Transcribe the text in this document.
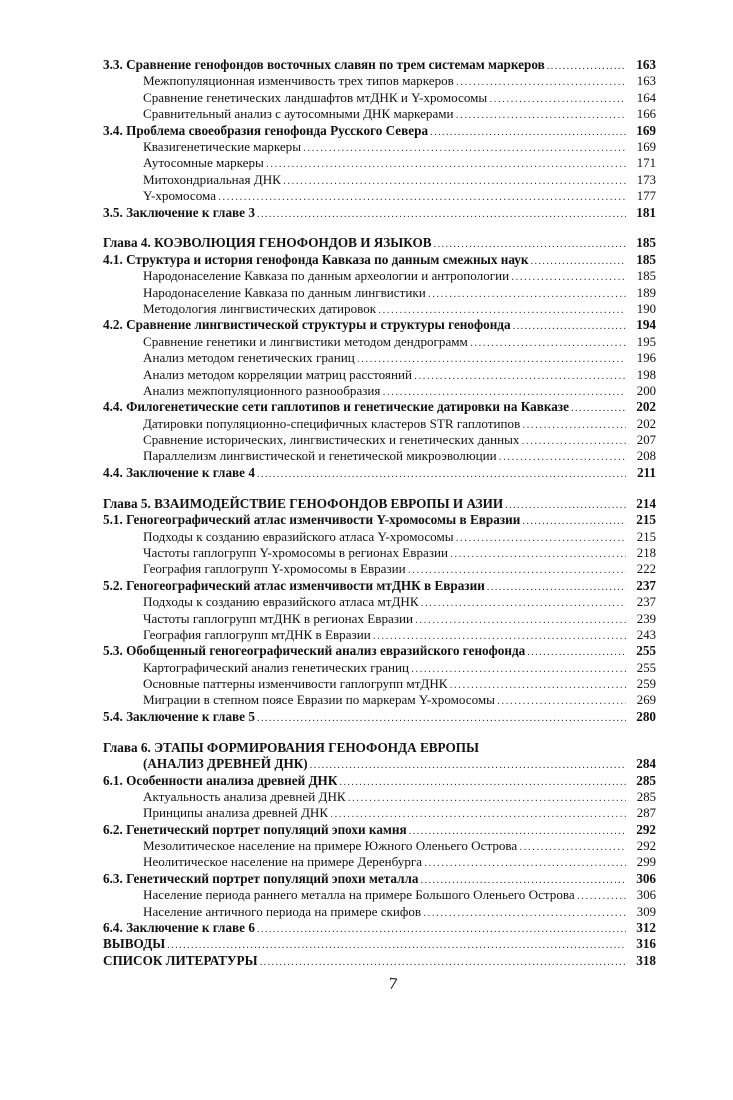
3.3. Сравнение генофондов восточных славян по трем системам маркеров .....	163
Межпопуляционная изменчивость трех типов маркеров .....	163
Сравнение генетических ландшафтов мтДНК и Y-хромосомы .....	164
Сравнительный анализ с аутосомными ДНК маркерами .....	166
3.4. Проблема своеобразия генофонда Русского Севера .....	169
Квазигенетические маркеры .....	169
Аутосомные маркеры .....	171
Митохондриальная ДНК .....	173
Y-хромосома .....	177
3.5. Заключение к главе 3 .....	181
Глава 4. КОЭВОЛЮЦИЯ ГЕНОФОНДОВ И ЯЗЫКОВ .....	185
4.1. Структура и история генофонда Кавказа по данным смежных наук .....	185
Народонаселение Кавказа по данным археологии и антропологии .....	185
Народонаселение Кавказа по данным лингвистики .....	189
Методология лингвистических датировок .....	190
4.2. Сравнение лингвистической структуры и структуры генофонда .....	194
Сравнение генетики и лингвистики методом дендрограмм .....	195
Анализ методом генетических границ .....	196
Анализ методом корреляции матриц расстояний .....	198
Анализ межпопуляционного разнообразия .....	200
4.4. Филогенетические сети гаплотипов и генетические датировки на Кавказе .....	202
Датировки популяционно-специфичных кластеров STR гаплотипов .....	202
Сравнение исторических, лингвистических и генетических данных .....	207
Параллелизм лингвистической и генетической микроэволюции .....	208
4.4. Заключение к главе 4 .....	211
Глава 5. ВЗАИМОДЕЙСТВИЕ ГЕНОФОНДОВ ЕВРОПЫ И АЗИИ .....	214
5.1. Геногеографический атлас изменчивости Y-хромосомы в Евразии .....	215
Подходы к созданию евразийского атласа Y-хромосомы .....	215
Частоты гаплогрупп Y-хромосомы в регионах Евразии .....	218
География гаплогрупп Y-хромосомы в Евразии .....	222
5.2. Геногеографический атлас изменчивости мтДНК в Евразии .....	237
Подходы к созданию евразийского атласа мтДНК .....	237
Частоты гаплогрупп мтДНК в регионах Евразии .....	239
География гаплогрупп мтДНК в Евразии .....	243
5.3. Обобщенный геногеографический анализ евразийского генофонда .....	255
Картографический анализ генетических границ .....	255
Основные паттерны изменчивости гаплогрупп мтДНК .....	259
Миграции в степном поясе Евразии по маркерам Y-хромосомы .....	269
5.4. Заключение к главе 5 .....	280
Глава 6. ЭТАПЫ ФОРМИРОВАНИЯ ГЕНОФОНДА ЕВРОПЫ
(АНАЛИЗ ДРЕВНЕЙ ДНК) .....	284
6.1. Особенности анализа древней ДНК .....	285
Актуальность анализа древней ДНК .....	285
Принципы анализа древней ДНК .....	287
6.2. Генетический портрет популяций эпохи камня .....	292
Мезолитическое население на примере Южного Оленьего Острова .....	292
Неолитическое население на примере Деренбурга .....	299
6.3. Генетический портрет популяций эпохи металла .....	306
Население периода раннего металла на примере Большого Оленьего Острова .....	306
Население античного периода на примере скифов .....	309
6.4. Заключение к главе 6 .....	312
ВЫВОДЫ .....	316
СПИСОК ЛИТЕРАТУРЫ .....	318
7
